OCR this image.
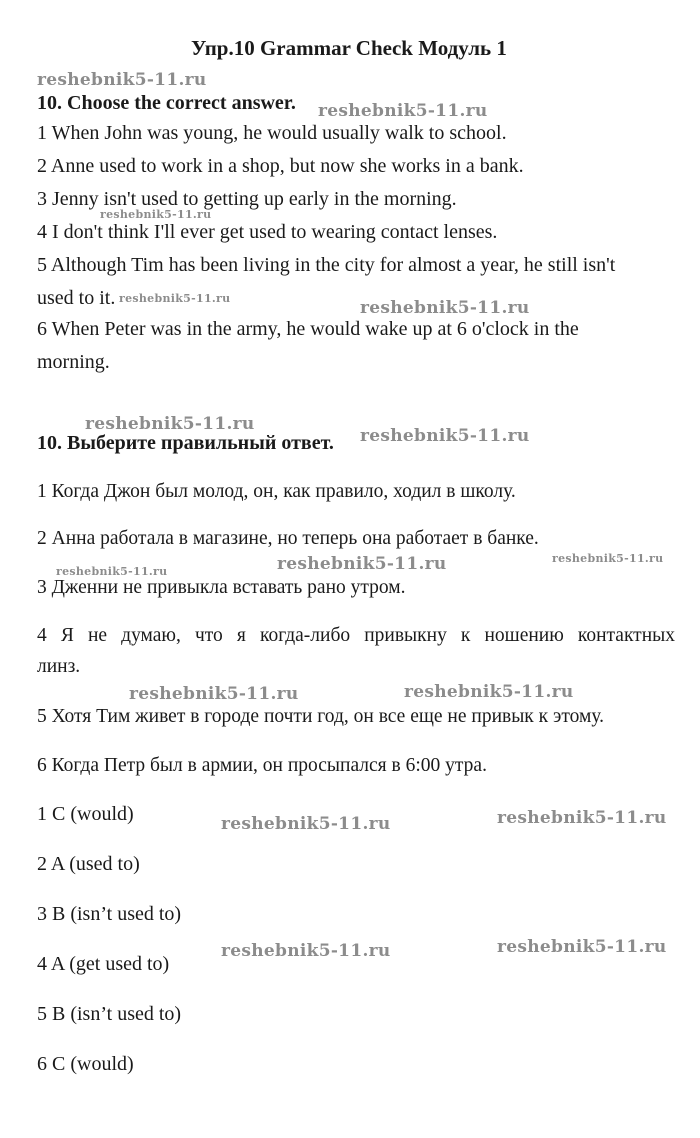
Упр.10 Grammar Check Модуль 1
10. Choose the correct answer.
1 When John was young, he would usually walk to school.
2 Anne used to work in a shop, but now she works in a bank.
3 Jenny isn't used to getting up early in the morning.
4 I don't think I'll ever get used to wearing contact lenses.
5 Although Tim has been living in the city for almost a year, he still isn't
used to it.
6 When Peter was in the army, he would wake up at 6 o'clock in the
morning.
10. Выберите правильный ответ.
1 Когда Джон был молод, он, как правило, ходил в школу.
2 Анна работала в магазине, но теперь она работает в банке.
3 Дженни не привыкла вставать рано утром.
4 Я не думаю, что я когда-либо привыкну к ношению контактных
линз.
5 Хотя Тим живет в городе почти год, он все еще не привык к этому.
6 Когда Петр был в армии, он просыпался в 6:00 утра.
1 C (would)
2 A (used to)
3 B (isn’t used to)
4 A (get used to)
5 B (isn’t used to)
6 C (would)
reshebnik5-11.ru
reshebnik5-11.ru
reshebnik5-11.ru
reshebnik5-11.ru	reshebnik5-11.ru
reshebnik5-11.ru
reshebnik5-11.ru
reshebnik5-11.ru	reshebnik5-11.ru
reshebnik5-11.ru
reshebnik5-11.ru	reshebnik5-11.ru
reshebnik5-11.ru	reshebnik5-11.ru
reshebnik5-11.ru	reshebnik5-11.ru
